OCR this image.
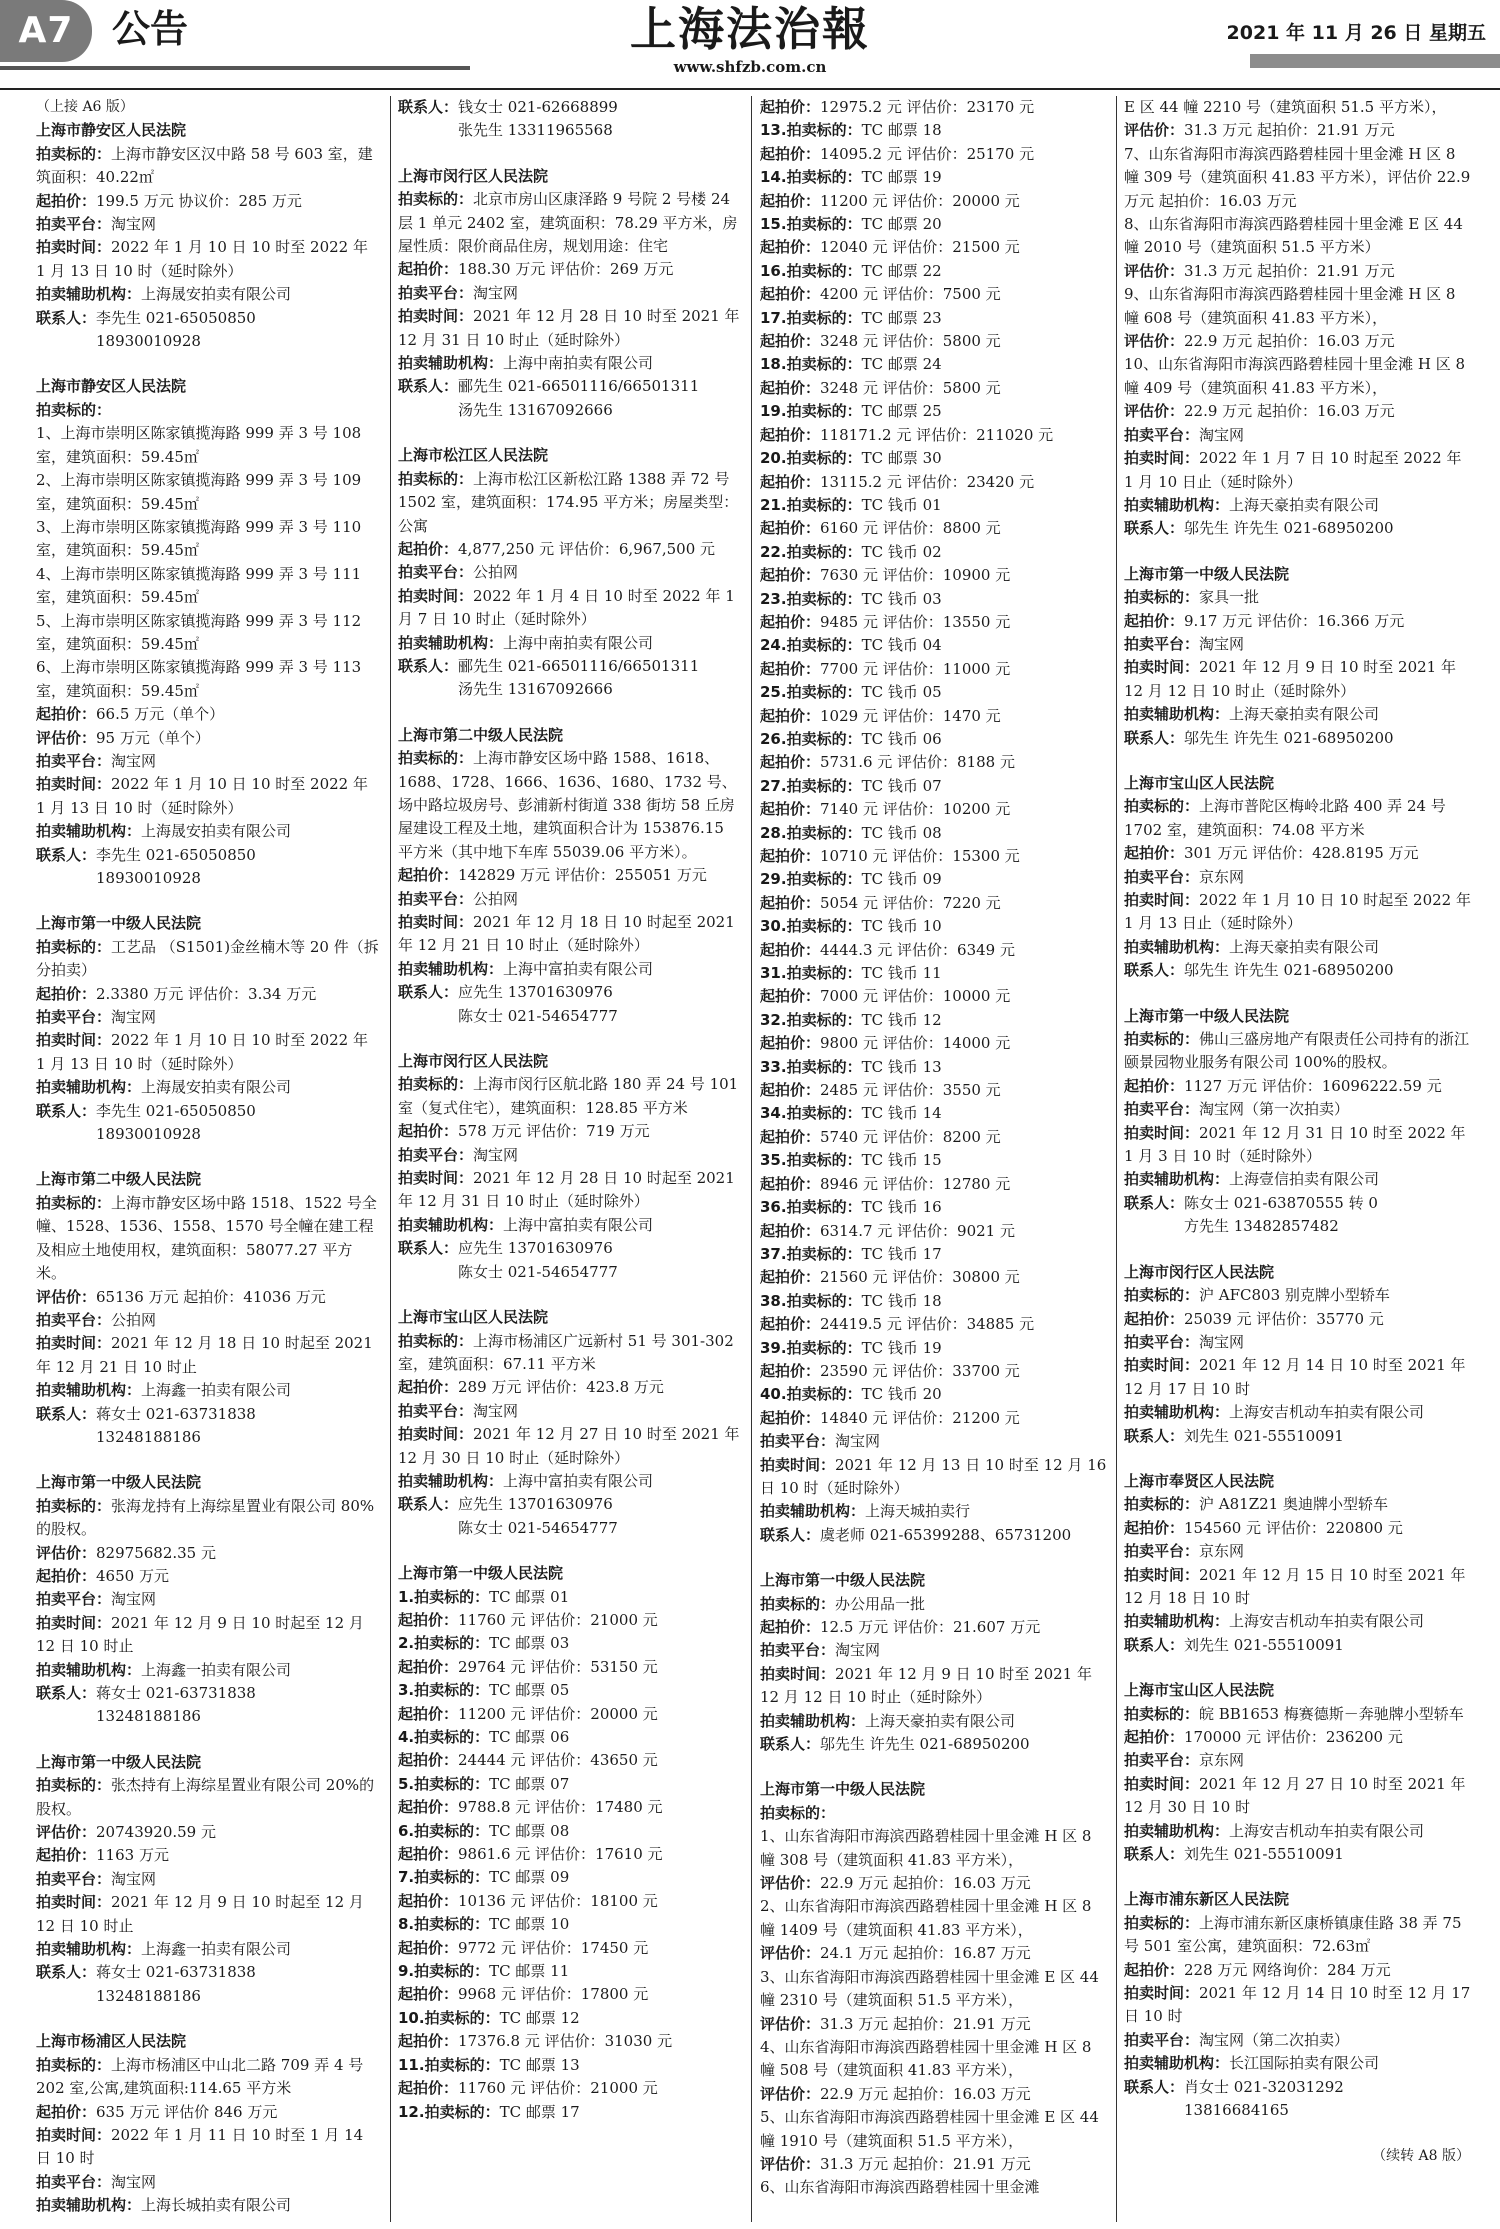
A7	公告	上海法治報
www.shfzb.com.cn
2021 年 11 月 26 日 星期五
（上接 A6 版）
上海市静安区人民法院
拍卖标的：上海市静安区汉中路 58 号 603 室，建筑面积：40.22㎡
起拍价：199.5 万元 协议价：285 万元
拍卖平台：淘宝网
拍卖时间：2022 年 1 月 10 日 10 时至 2022 年 1 月 13 日 10 时（延时除外）
拍卖辅助机构：上海晟安拍卖有限公司
联系人：李先生 021-65050850
18930010928
上海市静安区人民法院
拍卖标的：
1、上海市崇明区陈家镇揽海路 999 弄 3 号 108 室，建筑面积：59.45㎡
2、上海市崇明区陈家镇揽海路 999 弄 3 号 109 室，建筑面积：59.45㎡
3、上海市崇明区陈家镇揽海路 999 弄 3 号 110 室，建筑面积：59.45㎡
4、上海市崇明区陈家镇揽海路 999 弄 3 号 111 室，建筑面积：59.45㎡
5、上海市崇明区陈家镇揽海路 999 弄 3 号 112 室，建筑面积：59.45㎡
6、上海市崇明区陈家镇揽海路 999 弄 3 号 113 室，建筑面积：59.45㎡
起拍价：66.5 万元（单个）
评估价：95 万元（单个）
拍卖平台：淘宝网
拍卖时间：2022 年 1 月 10 日 10 时至 2022 年 1 月 13 日 10 时（延时除外）
拍卖辅助机构：上海晟安拍卖有限公司
联系人：李先生 021-65050850
18930010928
上海市第一中级人民法院
拍卖标的：工艺品 （S1501)金丝楠木等 20 件（拆分拍卖）
起拍价：2.3380 万元 评估价：3.34 万元
拍卖平台：淘宝网
拍卖时间：2022 年 1 月 10 日 10 时至 2022 年 1 月 13 日 10 时（延时除外）
拍卖辅助机构：上海晟安拍卖有限公司
联系人：李先生 021-65050850
18930010928
上海市第二中级人民法院
拍卖标的：上海市静安区场中路 1518、1522 号全幢、1528、1536、1558、1570 号全幢在建工程及相应土地使用权，建筑面积：58077.27 平方米。
评估价：65136 万元 起拍价：41036 万元
拍卖平台：公拍网
拍卖时间：2021 年 12 月 18 日 10 时起至 2021 年 12 月 21 日 10 时止
拍卖辅助机构：上海鑫一拍卖有限公司
联系人：蒋女士 021-63731838
13248188186
上海市第一中级人民法院
拍卖标的：张海龙持有上海综星置业有限公司 80%的股权。
评估价：82975682.35 元
起拍价：4650 万元
拍卖平台：淘宝网
拍卖时间：2021 年 12 月 9 日 10 时起至 12 月 12 日 10 时止
拍卖辅助机构：上海鑫一拍卖有限公司
联系人：蒋女士 021-63731838
13248188186
上海市第一中级人民法院
拍卖标的：张杰持有上海综星置业有限公司 20%的股权。
评估价：20743920.59 元
起拍价：1163 万元
拍卖平台：淘宝网
拍卖时间：2021 年 12 月 9 日 10 时起至 12 月 12 日 10 时止
拍卖辅助机构：上海鑫一拍卖有限公司
联系人：蒋女士 021-63731838
13248188186
上海市杨浦区人民法院
拍卖标的：上海市杨浦区中山北二路 709 弄 4 号 202 室,公寓,建筑面积:114.65 平方米
起拍价：635 万元 评估价 846 万元
拍卖时间：2022 年 1 月 11 日 10 时至 1 月 14 日 10 时
拍卖平台：淘宝网
拍卖辅助机构：上海长城拍卖有限公司
联系人：钱女士 021-62668899
张先生 13311965568
上海市闵行区人民法院
拍卖标的：北京市房山区康泽路 9 号院 2 号楼 24 层 1 单元 2402 室，建筑面积：78.29 平方米，房屋性质：限价商品住房，规划用途：住宅
起拍价：188.30 万元 评估价：269 万元
拍卖平台：淘宝网
拍卖时间：2021 年 12 月 28 日 10 时至 2021 年 12 月 31 日 10 时止（延时除外）
拍卖辅助机构：上海中南拍卖有限公司
联系人：郦先生 021-66501116/66501311
汤先生 13167092666
上海市松江区人民法院
拍卖标的：上海市松江区新松江路 1388 弄 72 号 1502 室，建筑面积：174.95 平方米；房屋类型：公寓
起拍价：4,877,250 元 评估价：6,967,500 元
拍卖平台：公拍网
拍卖时间：2022 年 1 月 4 日 10 时至 2022 年 1 月 7 日 10 时止（延时除外）
拍卖辅助机构：上海中南拍卖有限公司
联系人：郦先生 021-66501116/66501311
汤先生 13167092666
上海市第二中级人民法院
拍卖标的：上海市静安区场中路 1588、1618、1688、1728、1666、1636、1680、1732 号、场中路垃圾房号、彭浦新村街道 338 街坊 58 丘房屋建设工程及土地，建筑面积合计为 153876.15 平方米（其中地下车库 55039.06 平方米）。
起拍价：142829 万元 评估价：255051 万元
拍卖平台：公拍网
拍卖时间：2021 年 12 月 18 日 10 时起至 2021 年 12 月 21 日 10 时止（延时除外）
拍卖辅助机构：上海中富拍卖有限公司
联系人：应先生 13701630976
陈女士 021-54654777
上海市闵行区人民法院
拍卖标的：上海市闵行区航北路 180 弄 24 号 101 室（复式住宅），建筑面积：128.85 平方米
起拍价：578 万元 评估价：719 万元
拍卖平台：淘宝网
拍卖时间：2021 年 12 月 28 日 10 时起至 2021 年 12 月 31 日 10 时止（延时除外）
拍卖辅助机构：上海中富拍卖有限公司
联系人：应先生 13701630976
陈女士 021-54654777
上海市宝山区人民法院
拍卖标的：上海市杨浦区广远新村 51 号 301-302 室，建筑面积：67.11 平方米
起拍价：289 万元 评估价：423.8 万元
拍卖平台：淘宝网
拍卖时间：2021 年 12 月 27 日 10 时至 2021 年 12 月 30 日 10 时止（延时除外）
拍卖辅助机构：上海中富拍卖有限公司
联系人：应先生 13701630976
陈女士 021-54654777
上海市第一中级人民法院
1.拍卖标的：TC 邮票 01
起拍价：11760 元 评估价：21000 元
2.拍卖标的：TC 邮票 03
起拍价：29764 元 评估价：53150 元
3.拍卖标的：TC 邮票 05
起拍价：11200 元 评估价：20000 元
4.拍卖标的：TC 邮票 06
起拍价：24444 元 评估价：43650 元
5.拍卖标的：TC 邮票 07
起拍价：9788.8 元 评估价：17480 元
6.拍卖标的：TC 邮票 08
起拍价：9861.6 元 评估价：17610 元
7.拍卖标的：TC 邮票 09
起拍价：10136 元 评估价：18100 元
8.拍卖标的：TC 邮票 10
起拍价：9772 元 评估价：17450 元
9.拍卖标的：TC 邮票 11
起拍价：9968 元 评估价：17800 元
10.拍卖标的：TC 邮票 12
起拍价：17376.8 元 评估价：31030 元
11.拍卖标的：TC 邮票 13
起拍价：11760 元 评估价：21000 元
12.拍卖标的：TC 邮票 17
起拍价：12975.2 元 评估价：23170 元
13.拍卖标的：TC 邮票 18
起拍价：14095.2 元 评估价：25170 元
14.拍卖标的：TC 邮票 19
起拍价：11200 元 评估价：20000 元
15.拍卖标的：TC 邮票 20
起拍价：12040 元 评估价：21500 元
16.拍卖标的：TC 邮票 22
起拍价：4200 元 评估价：7500 元
17.拍卖标的：TC 邮票 23
起拍价：3248 元 评估价：5800 元
18.拍卖标的：TC 邮票 24
起拍价：3248 元 评估价：5800 元
19.拍卖标的：TC 邮票 25
起拍价：118171.2 元 评估价：211020 元
20.拍卖标的：TC 邮票 30
起拍价：13115.2 元 评估价：23420 元
21.拍卖标的：TC 钱币 01
起拍价：6160 元 评估价：8800 元
22.拍卖标的：TC 钱币 02
起拍价：7630 元 评估价：10900 元
23.拍卖标的：TC 钱币 03
起拍价：9485 元 评估价：13550 元
24.拍卖标的：TC 钱币 04
起拍价：7700 元 评估价：11000 元
25.拍卖标的：TC 钱币 05
起拍价：1029 元 评估价：1470 元
26.拍卖标的：TC 钱币 06
起拍价：5731.6 元 评估价：8188 元
27.拍卖标的：TC 钱币 07
起拍价：7140 元 评估价：10200 元
28.拍卖标的：TC 钱币 08
起拍价：10710 元 评估价：15300 元
29.拍卖标的：TC 钱币 09
起拍价：5054 元 评估价：7220 元
30.拍卖标的：TC 钱币 10
起拍价：4444.3 元 评估价：6349 元
31.拍卖标的：TC 钱币 11
起拍价：7000 元 评估价：10000 元
32.拍卖标的：TC 钱币 12
起拍价：9800 元 评估价：14000 元
33.拍卖标的：TC 钱币 13
起拍价：2485 元 评估价：3550 元
34.拍卖标的：TC 钱币 14
起拍价：5740 元 评估价：8200 元
35.拍卖标的：TC 钱币 15
起拍价：8946 元 评估价：12780 元
36.拍卖标的：TC 钱币 16
起拍价：6314.7 元 评估价：9021 元
37.拍卖标的：TC 钱币 17
起拍价：21560 元 评估价：30800 元
38.拍卖标的：TC 钱币 18
起拍价：24419.5 元 评估价：34885 元
39.拍卖标的：TC 钱币 19
起拍价：23590 元 评估价：33700 元
40.拍卖标的：TC 钱币 20
起拍价：14840 元 评估价：21200 元
拍卖平台：淘宝网
拍卖时间：2021 年 12 月 13 日 10 时至 12 月 16 日 10 时（延时除外）
拍卖辅助机构：上海天城拍卖行
联系人：虞老师 021-65399288、65731200
上海市第一中级人民法院
拍卖标的：办公用品一批
起拍价：12.5 万元 评估价：21.607 万元
拍卖平台：淘宝网
拍卖时间：2021 年 12 月 9 日 10 时至 2021 年 12 月 12 日 10 时止（延时除外）
拍卖辅助机构：上海天豪拍卖有限公司
联系人：邬先生 许先生 021-68950200
上海市第一中级人民法院
拍卖标的：
1、山东省海阳市海滨西路碧桂园十里金滩 H 区 8 幢 308 号（建筑面积 41.83 平方米），
评估价：22.9 万元 起拍价：16.03 万元
2、山东省海阳市海滨西路碧桂园十里金滩 H 区 8 幢 1409 号（建筑面积 41.83 平方米），
评估价：24.1 万元 起拍价：16.87 万元
3、山东省海阳市海滨西路碧桂园十里金滩 E 区 44 幢 2310 号（建筑面积 51.5 平方米），
评估价：31.3 万元 起拍价：21.91 万元
4、山东省海阳市海滨西路碧桂园十里金滩 H 区 8 幢 508 号（建筑面积 41.83 平方米），
评估价：22.9 万元 起拍价：16.03 万元
5、山东省海阳市海滨西路碧桂园十里金滩 E 区 44 幢 1910 号（建筑面积 51.5 平方米），
评估价：31.3 万元 起拍价：21.91 万元
6、山东省海阳市海滨西路碧桂园十里金滩
E 区 44 幢 2210 号（建筑面积 51.5 平方米），
评估价：31.3 万元 起拍价：21.91 万元
7、山东省海阳市海滨西路碧桂园十里金滩 H 区 8 幢 309 号（建筑面积 41.83 平方米），评估价 22.9 万元 起拍价：16.03 万元
8、山东省海阳市海滨西路碧桂园十里金滩 E 区 44 幢 2010 号（建筑面积 51.5 平方米）
评估价：31.3 万元 起拍价：21.91 万元
9、山东省海阳市海滨西路碧桂园十里金滩 H 区 8 幢 608 号（建筑面积 41.83 平方米），
评估价：22.9 万元 起拍价：16.03 万元
10、山东省海阳市海滨西路碧桂园十里金滩 H 区 8 幢 409 号（建筑面积 41.83 平方米），
评估价：22.9 万元 起拍价：16.03 万元
拍卖平台：淘宝网
拍卖时间：2022 年 1 月 7 日 10 时起至 2022 年 1 月 10 日止（延时除外）
拍卖辅助机构：上海天豪拍卖有限公司
联系人：邬先生 许先生 021-68950200
上海市第一中级人民法院
拍卖标的：家具一批
起拍价：9.17 万元 评估价：16.366 万元
拍卖平台：淘宝网
拍卖时间：2021 年 12 月 9 日 10 时至 2021 年 12 月 12 日 10 时止（延时除外）
拍卖辅助机构：上海天豪拍卖有限公司
联系人：邬先生 许先生 021-68950200
上海市宝山区人民法院
拍卖标的：上海市普陀区梅岭北路 400 弄 24 号 1702 室，建筑面积：74.08 平方米
起拍价：301 万元 评估价：428.8195 万元
拍卖平台：京东网
拍卖时间：2022 年 1 月 10 日 10 时起至 2022 年 1 月 13 日止（延时除外）
拍卖辅助机构：上海天豪拍卖有限公司
联系人：邬先生 许先生 021-68950200
上海市第一中级人民法院
拍卖标的：佛山三盛房地产有限责任公司持有的浙江颐景园物业服务有限公司 100%的股权。
起拍价：1127 万元 评估价：16096222.59 元
拍卖平台：淘宝网（第一次拍卖）
拍卖时间：2021 年 12 月 31 日 10 时至 2022 年 1 月 3 日 10 时（延时除外）
拍卖辅助机构：上海壹信拍卖有限公司
联系人：陈女士 021-63870555 转 0
方先生 13482857482
上海市闵行区人民法院
拍卖标的：沪 AFC803 别克牌小型轿车
起拍价：25039 元 评估价：35770 元
拍卖平台：淘宝网
拍卖时间：2021 年 12 月 14 日 10 时至 2021 年 12 月 17 日 10 时
拍卖辅助机构：上海安吉机动车拍卖有限公司
联系人：刘先生 021-55510091
上海市奉贤区人民法院
拍卖标的：沪 A81Z21 奥迪牌小型轿车
起拍价：154560 元 评估价：220800 元
拍卖平台：京东网
拍卖时间：2021 年 12 月 15 日 10 时至 2021 年 12 月 18 日 10 时
拍卖辅助机构：上海安吉机动车拍卖有限公司
联系人：刘先生 021-55510091
上海市宝山区人民法院
拍卖标的：皖 BB1653 梅赛德斯－奔驰牌小型轿车
起拍价：170000 元 评估价：236200 元
拍卖平台：京东网
拍卖时间：2021 年 12 月 27 日 10 时至 2021 年 12 月 30 日 10 时
拍卖辅助机构：上海安吉机动车拍卖有限公司
联系人：刘先生 021-55510091
上海市浦东新区人民法院
拍卖标的：上海市浦东新区康桥镇康佳路 38 弄 75 号 501 室公寓，建筑面积：72.63㎡
起拍价：228 万元 网络询价：284 万元
拍卖时间：2021 年 12 月 14 日 10 时至 12 月 17 日 10 时
拍卖平台：淘宝网（第二次拍卖）
拍卖辅助机构：长江国际拍卖有限公司
联系人：肖女士 021-32031292
13816684165
（续转 A8 版）
